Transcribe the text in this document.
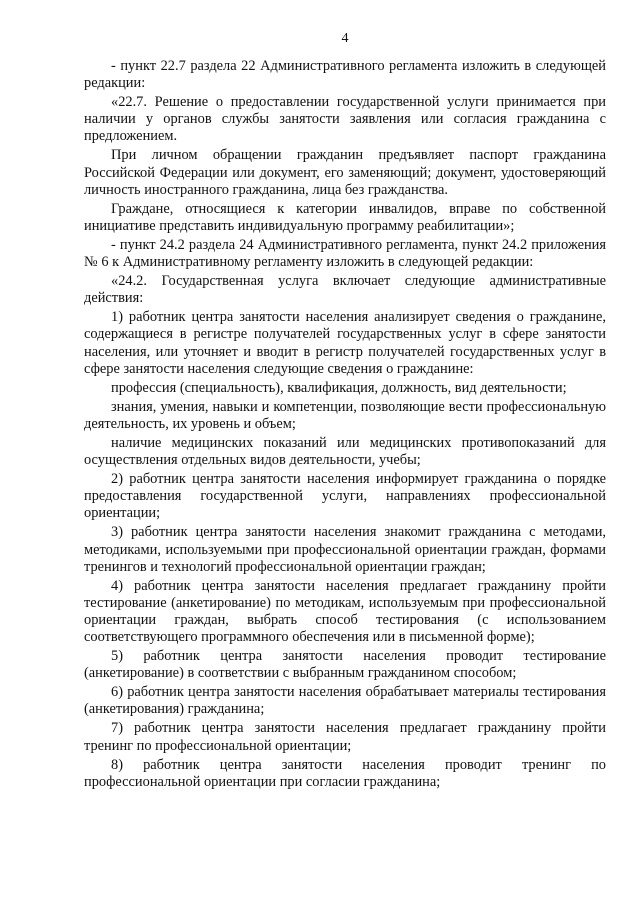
4

- пункт 22.7 раздела 22 Административного регламента изложить в следующей редакции:

«22.7. Решение о предоставлении государственной услуги принимается при наличии у органов службы занятости заявления или согласия гражданина с предложением.

При личном обращении гражданин предъявляет паспорт гражданина Российской Федерации или документ, его заменяющий; документ, удостоверяющий личность иностранного гражданина, лица без гражданства.

Граждане, относящиеся к категории инвалидов, вправе по собственной инициативе представить индивидуальную программу реабилитации»;

- пункт 24.2 раздела 24 Административного регламента, пункт 24.2 приложения № 6 к Административному регламенту изложить в следующей редакции:

«24.2. Государственная услуга включает следующие административные действия:

1) работник центра занятости населения анализирует сведения о гражданине, содержащиеся в регистре получателей государственных услуг в сфере занятости населения, или уточняет и вводит в регистр получателей государственных услуг в сфере занятости населения следующие сведения о гражданине:

профессия (специальность), квалификация, должность, вид деятельности;

знания, умения, навыки и компетенции, позволяющие вести профессиональную деятельность, их уровень и объем;

наличие медицинских показаний или медицинских противопоказаний для осуществления отдельных видов деятельности, учебы;

2) работник центра занятости населения информирует гражданина о порядке предоставления государственной услуги, направлениях профессиональной ориентации;

3) работник центра занятости населения знакомит гражданина с методами, методиками, используемыми при профессиональной ориентации граждан, формами тренингов и технологий профессиональной ориентации граждан;

4) работник центра занятости населения предлагает гражданину пройти тестирование (анкетирование) по методикам, используемым при профессиональной ориентации граждан, выбрать способ тестирования (с использованием соответствующего программного обеспечения или в письменной форме);

5) работник центра занятости населения проводит тестирование (анкетирование) в соответствии с выбранным гражданином способом;

6) работник центра занятости населения обрабатывает материалы тестирования (анкетирования) гражданина;

7) работник центра занятости населения предлагает гражданину пройти тренинг по профессиональной ориентации;

8) работник центра занятости населения проводит тренинг по профессиональной ориентации при согласии гражданина;
